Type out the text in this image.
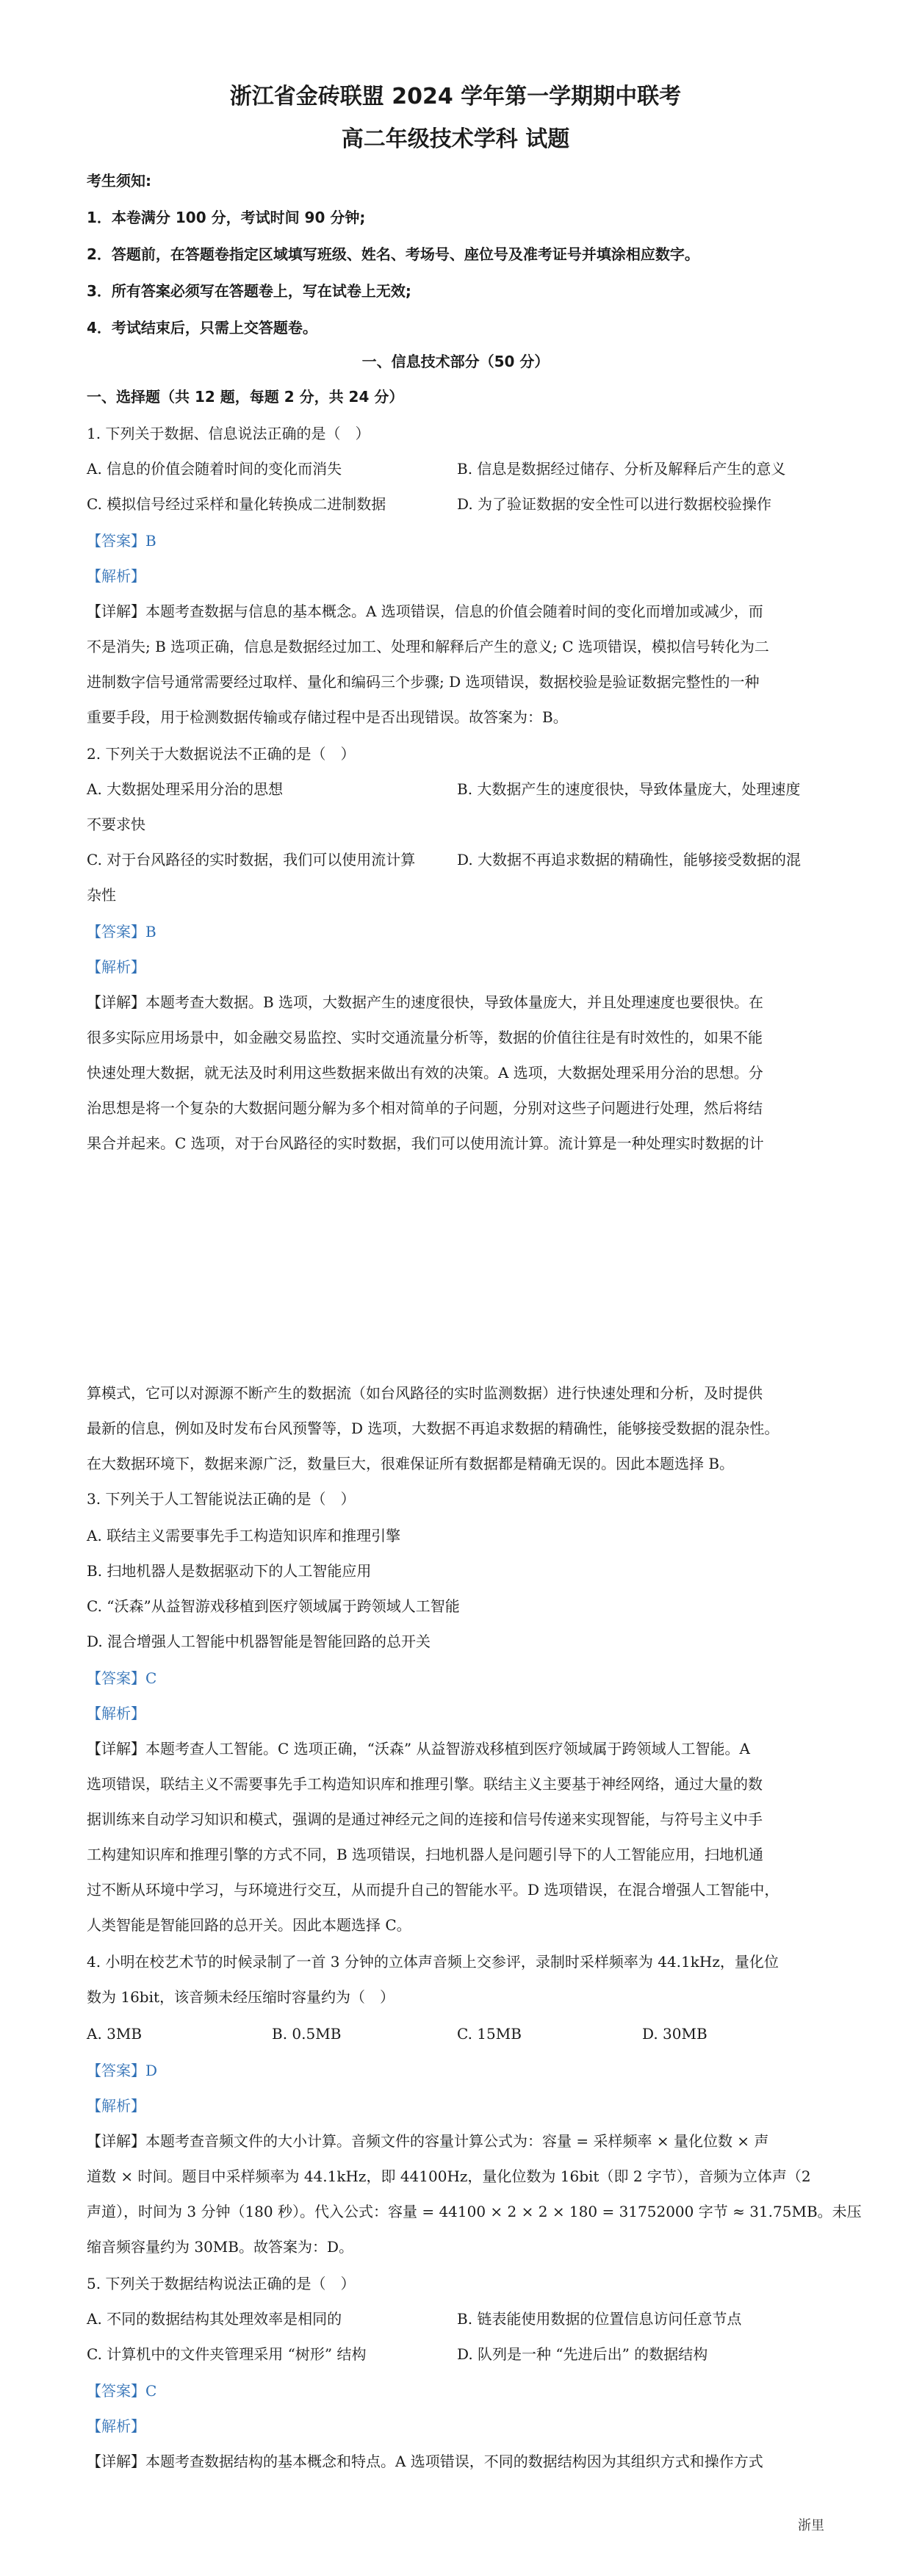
浙江省金砖联盟 2024 学年第一学期期中联考
高二年级技术学科 试题
考生须知:
1．本卷满分 100 分，考试时间 90 分钟;
2．答题前，在答题卷指定区域填写班级、姓名、考场号、座位号及准考证号并填涂相应数字。
3．所有答案必须写在答题卷上，写在试卷上无效;
4．考试结束后，只需上交答题卷。
一、信息技术部分（50 分）
一、选择题（共 12 题，每题 2 分，共 24 分）
1. 下列关于数据、信息说法正确的是（　）
A. 信息的价值会随着时间的变化而消失	B. 信息是数据经过储存、分析及解释后产生的意义
C. 模拟信号经过采样和量化转换成二进制数据	D. 为了验证数据的安全性可以进行数据校验操作
【答案】B
【解析】
【详解】本题考查数据与信息的基本概念。A 选项错误，信息的价值会随着时间的变化而增加或减少，而
不是消失; B 选项正确，信息是数据经过加工、处理和解释后产生的意义; C 选项错误，模拟信号转化为二
进制数字信号通常需要经过取样、量化和编码三个步骤; D 选项错误，数据校验是验证数据完整性的一种
重要手段，用于检测数据传输或存储过程中是否出现错误。故答案为：B。
2. 下列关于大数据说法不正确的是（　）
A. 大数据处理采用分治的思想	B. 大数据产生的速度很快，导致体量庞大，处理速度
不要求快
C. 对于台风路径的实时数据，我们可以使用流计算	D. 大数据不再追求数据的精确性，能够接受数据的混
杂性
【答案】B
【解析】
【详解】本题考查大数据。B 选项，大数据产生的速度很快，导致体量庞大，并且处理速度也要很快。在
很多实际应用场景中，如金融交易监控、实时交通流量分析等，数据的价值往往是有时效性的，如果不能
快速处理大数据，就无法及时利用这些数据来做出有效的决策。A 选项，大数据处理采用分治的思想。分
治思想是将一个复杂的大数据问题分解为多个相对简单的子问题，分别对这些子问题进行处理，然后将结
果合并起来。C 选项，对于台风路径的实时数据，我们可以使用流计算。流计算是一种处理实时数据的计
算模式，它可以对源源不断产生的数据流（如台风路径的实时监测数据）进行快速处理和分析，及时提供
最新的信息，例如及时发布台风预警等，D 选项，大数据不再追求数据的精确性，能够接受数据的混杂性。
在大数据环境下，数据来源广泛，数量巨大，很难保证所有数据都是精确无误的。因此本题选择 B。
3. 下列关于人工智能说法正确的是（　）
A. 联结主义需要事先手工构造知识库和推理引擎
B. 扫地机器人是数据驱动下的人工智能应用
C. “沃森”从益智游戏移植到医疗领域属于跨领域人工智能
D. 混合增强人工智能中机器智能是智能回路的总开关
【答案】C
【解析】
【详解】本题考查人工智能。C 选项正确，“沃森” 从益智游戏移植到医疗领域属于跨领域人工智能。A
选项错误，联结主义不需要事先手工构造知识库和推理引擎。联结主义主要基于神经网络，通过大量的数
据训练来自动学习知识和模式，强调的是通过神经元之间的连接和信号传递来实现智能，与符号主义中手
工构建知识库和推理引擎的方式不同，B 选项错误，扫地机器人是问题引导下的人工智能应用，扫地机通
过不断从环境中学习，与环境进行交互，从而提升自己的智能水平。D 选项错误，在混合增强人工智能中，
人类智能是智能回路的总开关。因此本题选择 C。
4. 小明在校艺术节的时候录制了一首 3 分钟的立体声音频上交参评，录制时采样频率为 44.1kHz，量化位
数为 16bit，该音频未经压缩时容量约为（　）
A. 3MB	B. 0.5MB	C. 15MB	D. 30MB
【答案】D
【解析】
【详解】本题考查音频文件的大小计算。音频文件的容量计算公式为：容量 = 采样频率 × 量化位数 × 声
道数 × 时间。题目中采样频率为 44.1kHz，即 44100Hz，量化位数为 16bit（即 2 字节），音频为立体声（2
声道），时间为 3 分钟（180 秒）。代入公式：容量 = 44100 × 2 × 2 × 180 = 31752000 字节 ≈ 31.75MB。未压
缩音频容量约为 30MB。故答案为：D。
5. 下列关于数据结构说法正确的是（　）
A. 不同的数据结构其处理效率是相同的	B. 链表能使用数据的位置信息访问任意节点
C. 计算机中的文件夹管理采用 “树形” 结构	D. 队列是一种 “先进后出” 的数据结构
【答案】C
【解析】
【详解】本题考查数据结构的基本概念和特点。A 选项错误，不同的数据结构因为其组织方式和操作方式
浙里
